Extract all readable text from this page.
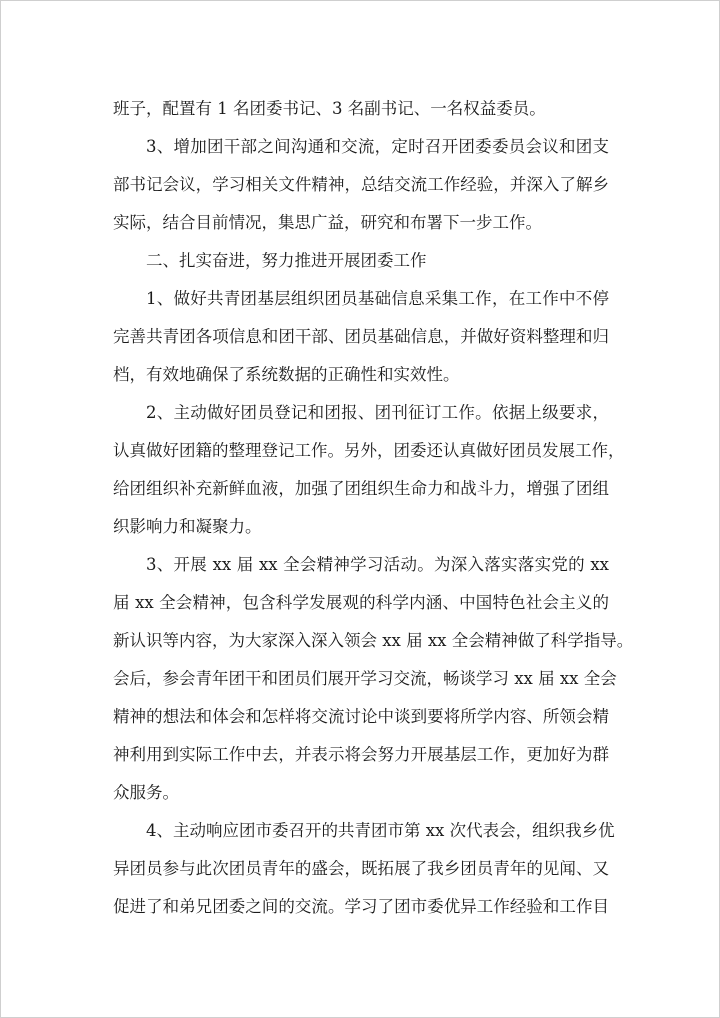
班子，配置有 1 名团委书记、3 名副书记、一名权益委员。
3、增加团干部之间沟通和交流，定时召开团委委员会议和团支
部书记会议，学习相关文件精神，总结交流工作经验，并深入了解乡
实际，结合目前情况，集思广益，研究和布署下一步工作。
二、扎实奋进，努力推进开展团委工作
1、做好共青团基层组织团员基础信息采集工作，在工作中不停
完善共青团各项信息和团干部、团员基础信息，并做好资料整理和归
档，有效地确保了系统数据的正确性和实效性。
2、主动做好团员登记和团报、团刊征订工作。依据上级要求，
认真做好团籍的整理登记工作。另外，团委还认真做好团员发展工作，
给团组织补充新鲜血液，加强了团组织生命力和战斗力，增强了团组
织影响力和凝聚力。
3、开展 xx 届 xx 全会精神学习活动。为深入落实落实党的 xx
届 xx 全会精神，包含科学发展观的科学内涵、中国特色社会主义的
新认识等内容，为大家深入深入领会 xx 届 xx 全会精神做了科学指导。
会后，参会青年团干和团员们展开学习交流，畅谈学习 xx 届 xx 全会
精神的想法和体会和怎样将交流讨论中谈到要将所学内容、所领会精
神利用到实际工作中去，并表示将会努力开展基层工作，更加好为群
众服务。
4、主动响应团市委召开的共青团市第 xx 次代表会，组织我乡优
异团员参与此次团员青年的盛会，既拓展了我乡团员青年的见闻、又
促进了和弟兄团委之间的交流。学习了团市委优异工作经验和工作目
